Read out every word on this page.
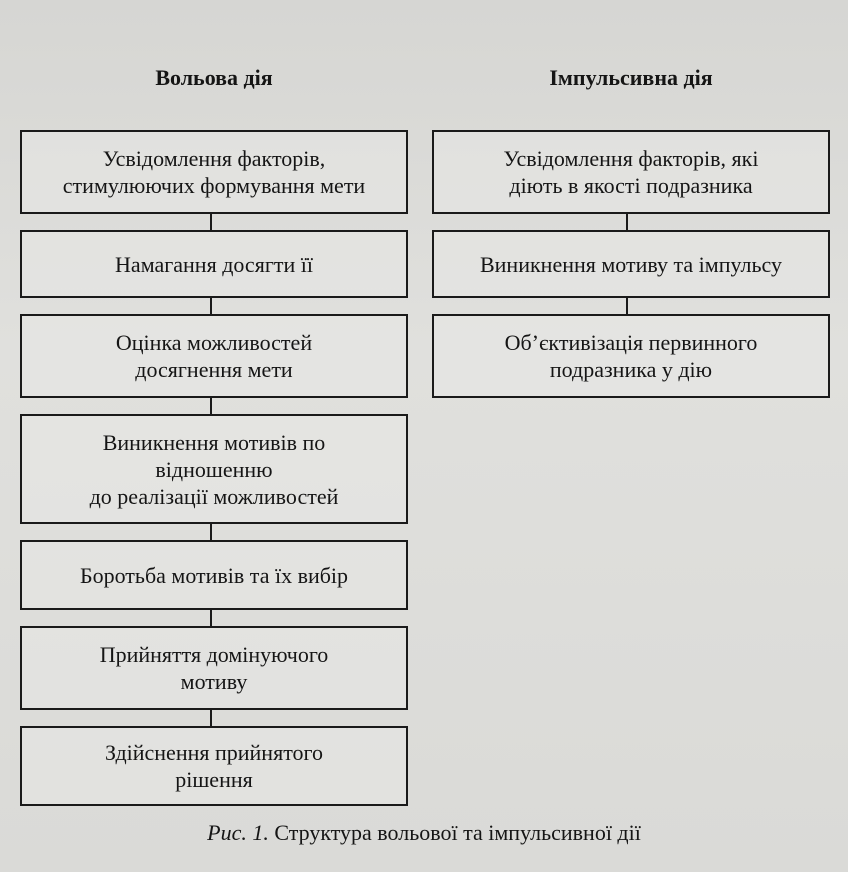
Вольова дія	Імпульсивна дія
Усвідомлення факторів,
стимулюючих формування мети
Намагання досягти її
Оцінка можливостей
досягнення мети
Виникнення мотивів по
відношенню
до реалізації можливостей
Боротьба мотивів та їх вибір
Прийняття домінуючого
мотиву
Здійснення прийнятого
рішення
Усвідомлення факторів, які
діють в якості подразника
Виникнення мотиву та імпульсу
Об’єктивізація первинного
подразника у дію
Рис. 1. Структура вольової та імпульсивної дії
